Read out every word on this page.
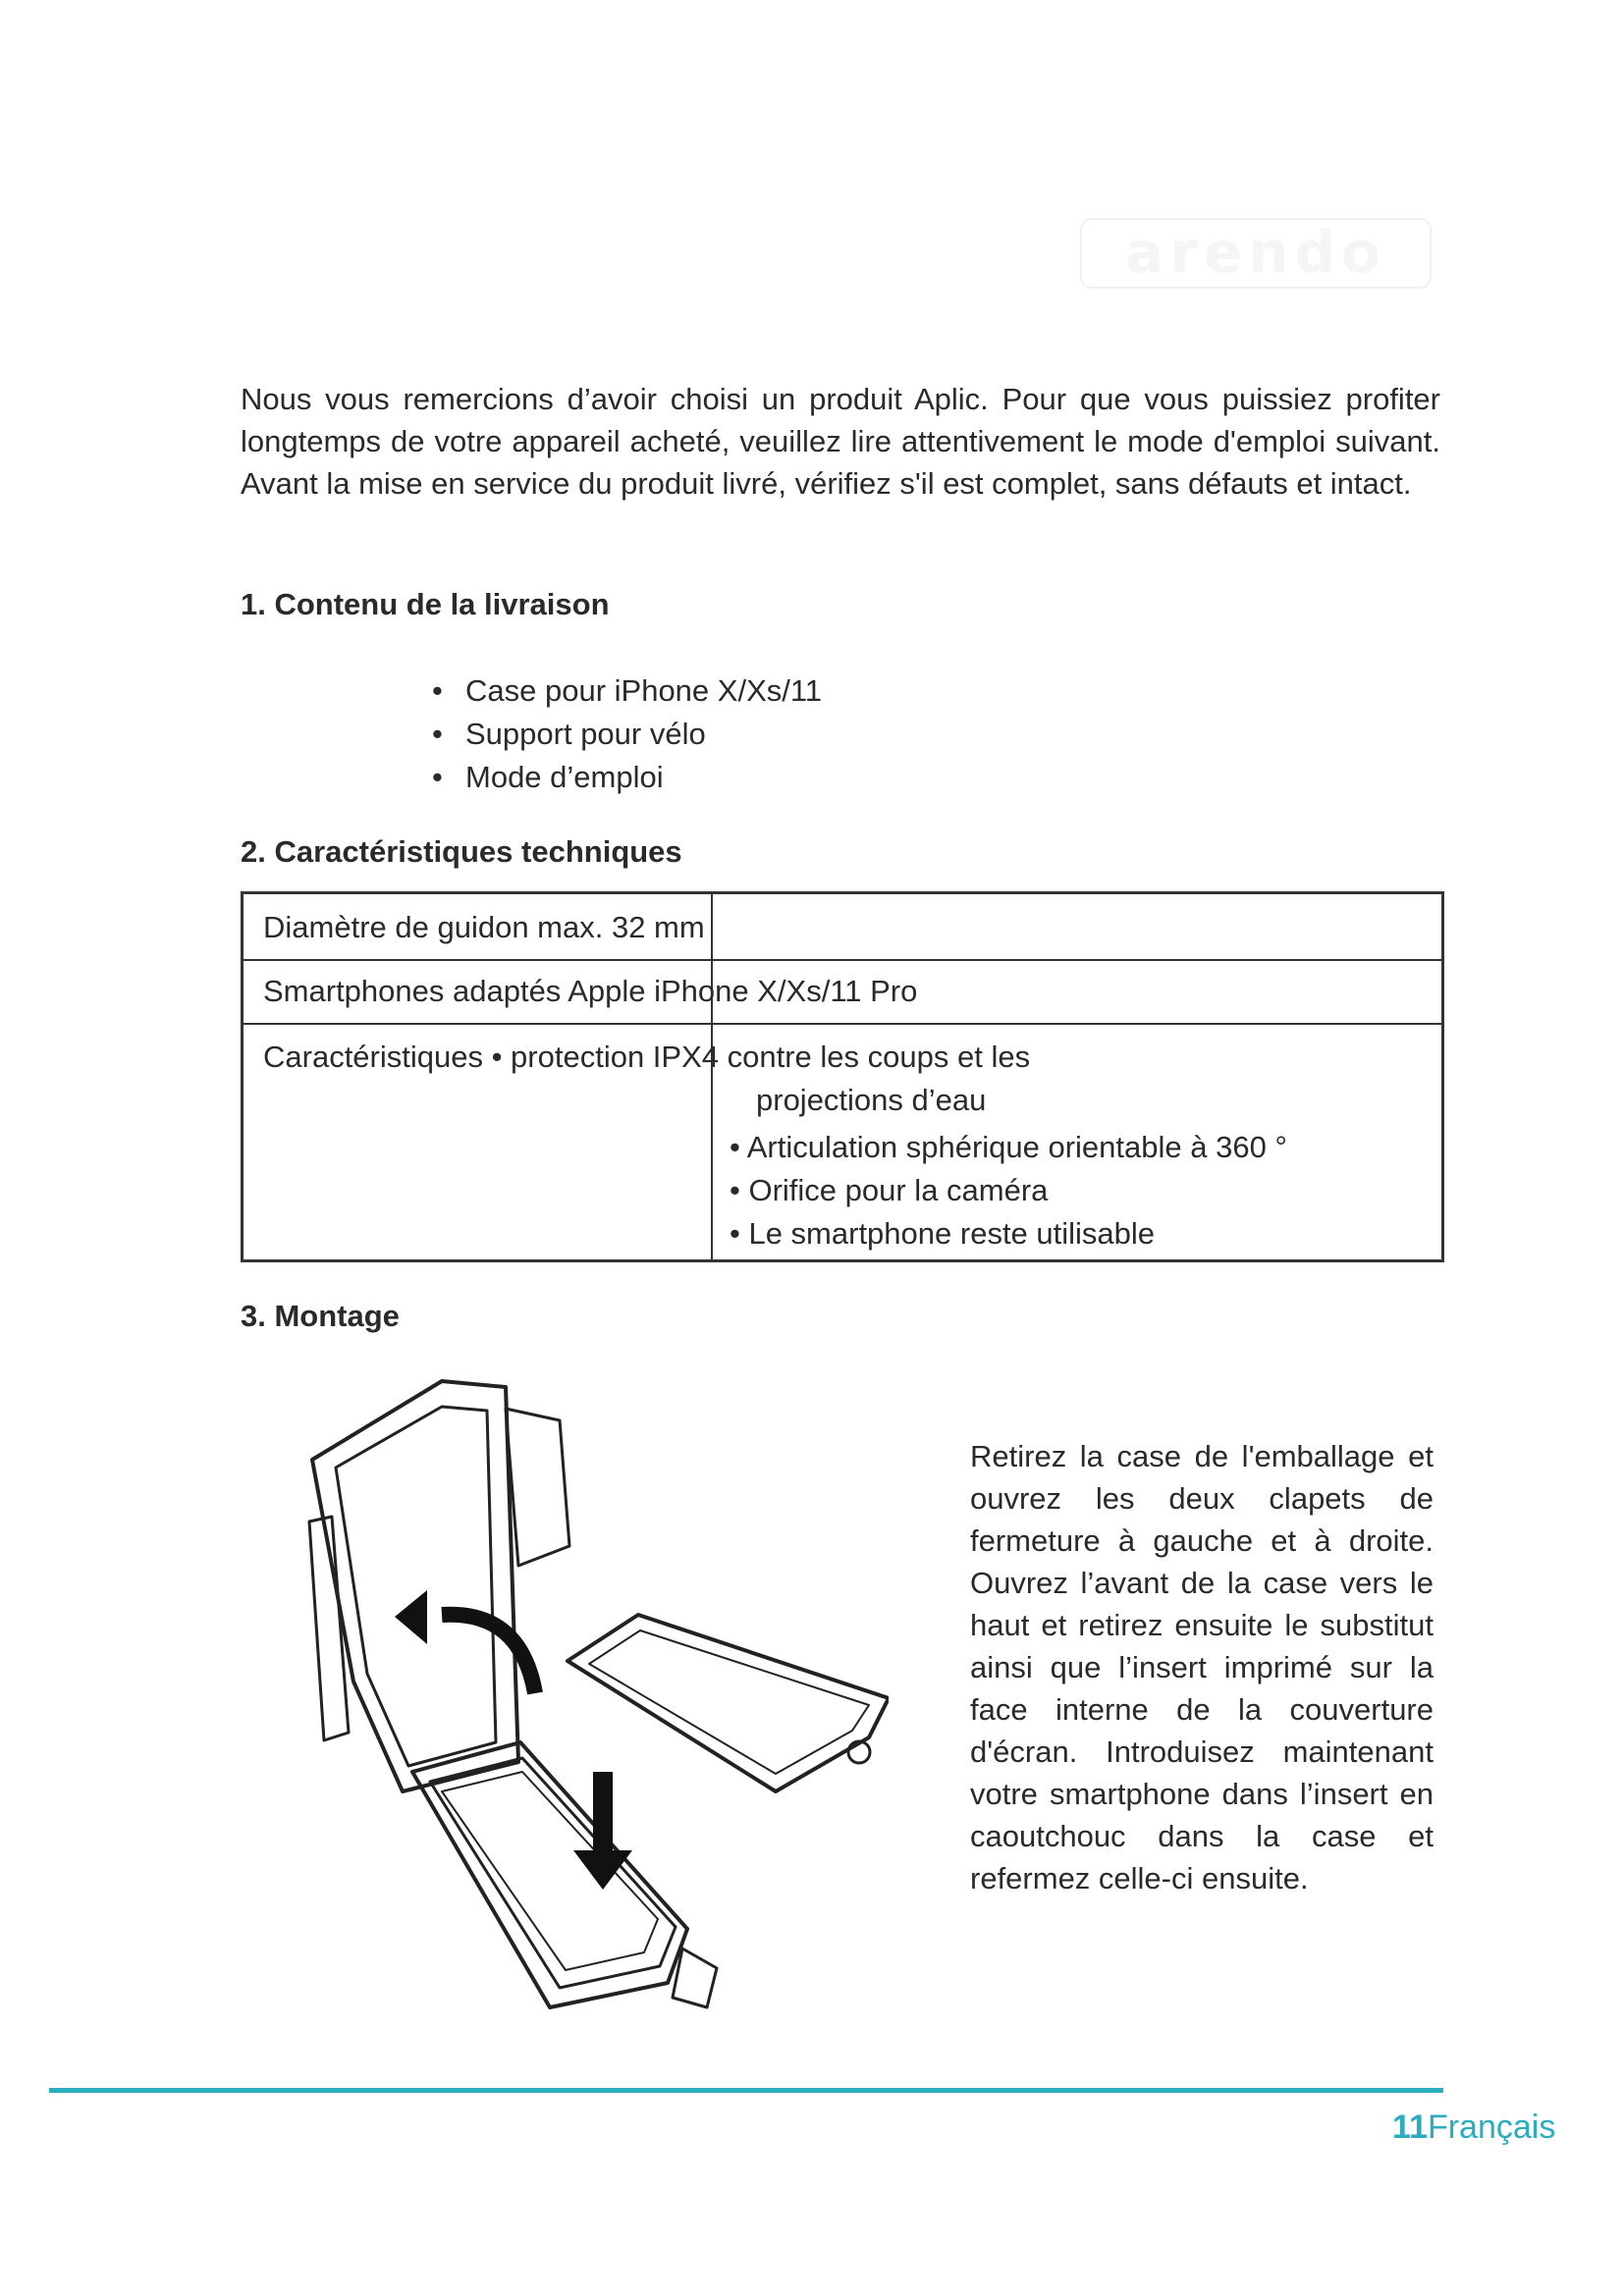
arendo
Nous vous remercions d’avoir choisi un produit Aplic. Pour que vous puissiez profiter longtemps de votre appareil acheté, veuillez lire attentivement le mode d'emploi suivant. Avant la mise en service du produit livré, vérifiez s'il est complet, sans défauts et intact.
1. Contenu de la livraison
• Case pour iPhone X/Xs/11
• Support pour vélo
• Mode d’emploi
2. Caractéristiques techniques
Diamètre de guidon max. 32 mm
Smartphones adaptés Apple iPhone X/Xs/11 Pro
Caractéristiques • protection IPX4 contre les coups et les
projections d’eau
• Articulation sphérique orientable à 360 °
• Orifice pour la caméra
• Le smartphone reste utilisable
3. Montage
Retirez la case de l'emballage et ouvrez les deux clapets de fermeture à gauche et à droite. Ouvrez l’avant de la case vers le haut et retirez ensuite le substitut ainsi que l’insert imprimé sur la face interne de la couverture d'écran. Introduisez maintenant votre smartphone dans l’insert en caoutchouc dans la case et refermez celle-ci ensuite.
11Français
